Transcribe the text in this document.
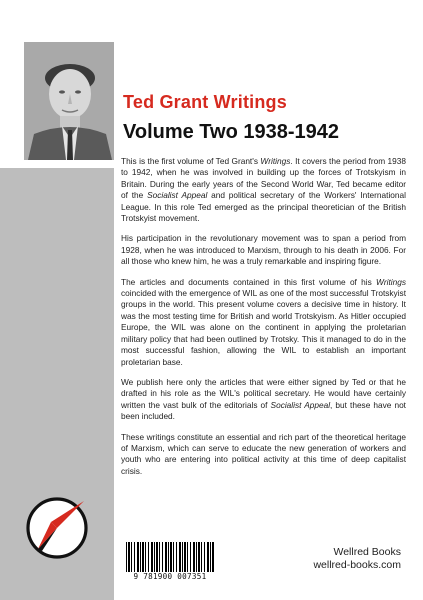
Ted Grant Writings
Volume Two 1938-1942

This is the first volume of Ted Grant's Writings. It covers the period from 1938 to 1942, when he was involved in building up the forces of Trotskyism in Britain. During the early years of the Second World War, Ted became editor of the Socialist Appeal and political secretary of the Workers' International League. In this role Ted emerged as the principal theoretician of the British Trotskyist movement.

His participation in the revolutionary movement was to span a period from 1928, when he was introduced to Marxism, through to his death in 2006. For all those who knew him, he was a truly remarkable and inspiring figure.

The articles and documents contained in this first volume of his Writings coincided with the emergence of WIL as one of the most successful Trotskyist groups in the world. This present volume covers a decisive time in history. It was the most testing time for British and world Trotskyism. As Hitler occupied Europe, the WIL was alone on the continent in applying the proletarian military policy that had been outlined by Trotsky. This it managed to do in the most successful fashion, allowing the WIL to establish an important proletarian base.

We publish here only the articles that were either signed by Ted or that he drafted in his role as the WIL's political secretary. He would have certainly written the vast bulk of the editorials of Socialist Appeal, but these have not been included.

These writings constitute an essential and rich part of the theoretical heritage of Marxism, which can serve to educate the new generation of workers and youth who are entering into political activity at this time of deep capitalist crisis.

9 781900 007351
Wellred Books
wellred-books.com
